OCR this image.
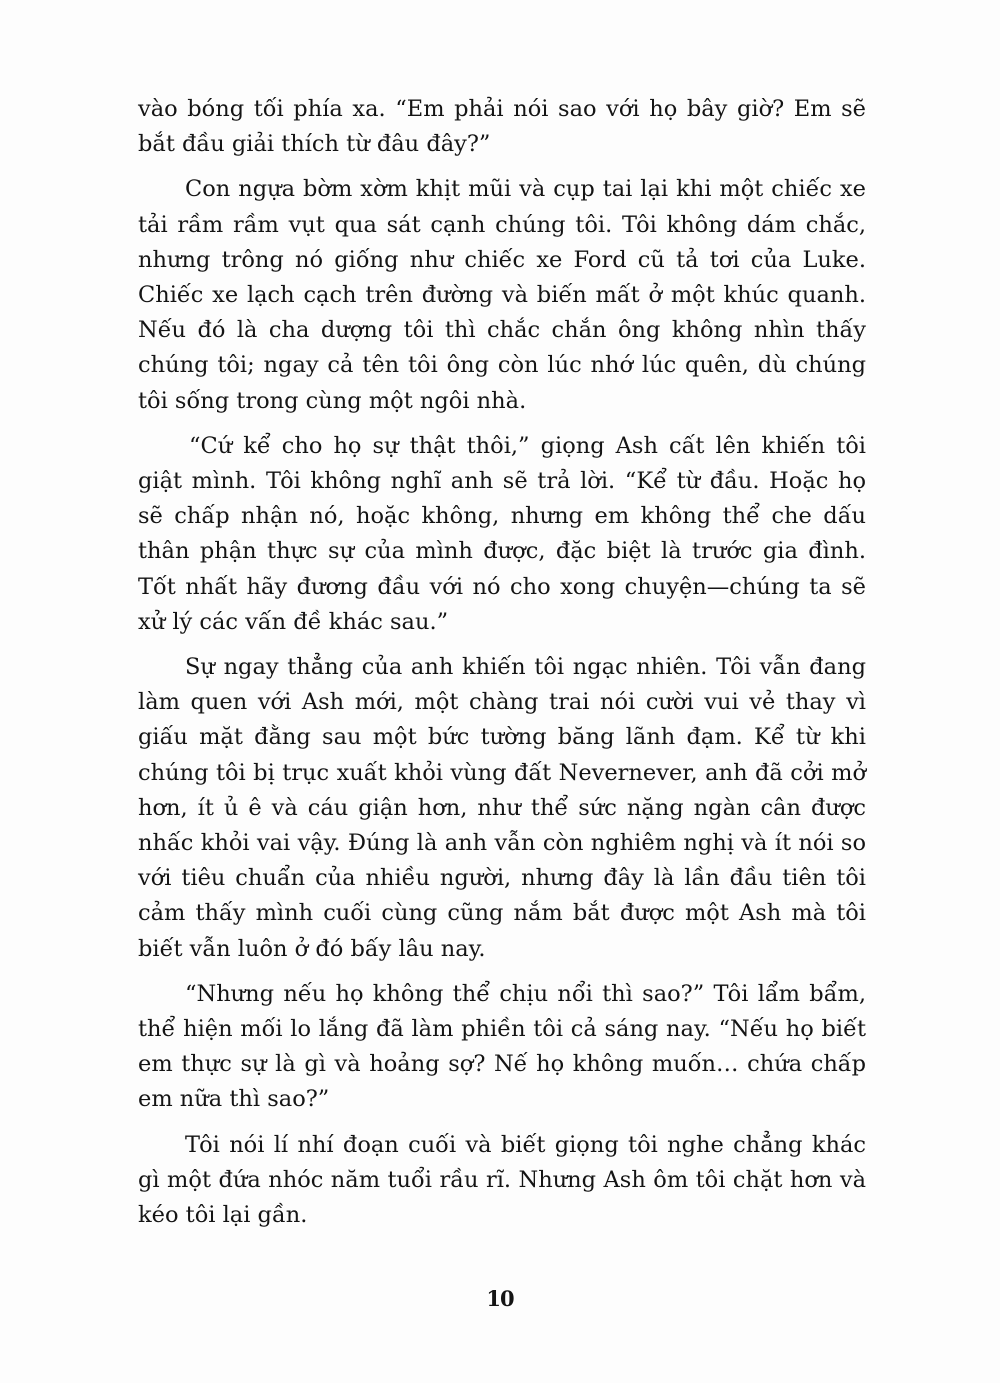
vào bóng tối phía xa. “Em phải nói sao với họ bây giờ? Em sẽ bắt đầu giải thích từ đâu đây?”

Con ngựa bờm xờm khịt mũi và cụp tai lại khi một chiếc xe tải rầm rầm vụt qua sát cạnh chúng tôi. Tôi không dám chắc, nhưng trông nó giống như chiếc xe Ford cũ tả tơi của Luke. Chiếc xe lạch cạch trên đường và biến mất ở một khúc quanh. Nếu đó là cha dượng tôi thì chắc chắn ông không nhìn thấy chúng tôi; ngay cả tên tôi ông còn lúc nhớ lúc quên, dù chúng tôi sống trong cùng một ngôi nhà.

“Cứ kể cho họ sự thật thôi,” giọng Ash cất lên khiến tôi giật mình. Tôi không nghĩ anh sẽ trả lời. “Kể từ đầu. Hoặc họ sẽ chấp nhận nó, hoặc không, nhưng em không thể che dấu thân phận thực sự của mình được, đặc biệt là trước gia đình. Tốt nhất hãy đương đầu với nó cho xong chuyện—chúng ta sẽ xử lý các vấn đề khác sau.”

Sự ngay thẳng của anh khiến tôi ngạc nhiên. Tôi vẫn đang làm quen với Ash mới, một chàng trai nói cười vui vẻ thay vì giấu mặt đằng sau một bức tường băng lãnh đạm. Kể từ khi chúng tôi bị trục xuất khỏi vùng đất Nevernever, anh đã cởi mở hơn, ít ủ ê và cáu giận hơn, như thể sức nặng ngàn cân được nhấc khỏi vai vậy. Đúng là anh vẫn còn nghiêm nghị và ít nói so với tiêu chuẩn của nhiều người, nhưng đây là lần đầu tiên tôi cảm thấy mình cuối cùng cũng nắm bắt được một Ash mà tôi biết vẫn luôn ở đó bấy lâu nay.

“Nhưng nếu họ không thể chịu nổi thì sao?” Tôi lẩm bẩm, thể hiện mối lo lắng đã làm phiền tôi cả sáng nay. “Nếu họ biết em thực sự là gì và hoảng sợ? Nế họ không muốn… chứa chấp em nữa thì sao?”

Tôi nói lí nhí đoạn cuối và biết giọng tôi nghe chẳng khác gì một đứa nhóc năm tuổi rầu rĩ. Nhưng Ash ôm tôi chặt hơn và kéo tôi lại gần.

10
